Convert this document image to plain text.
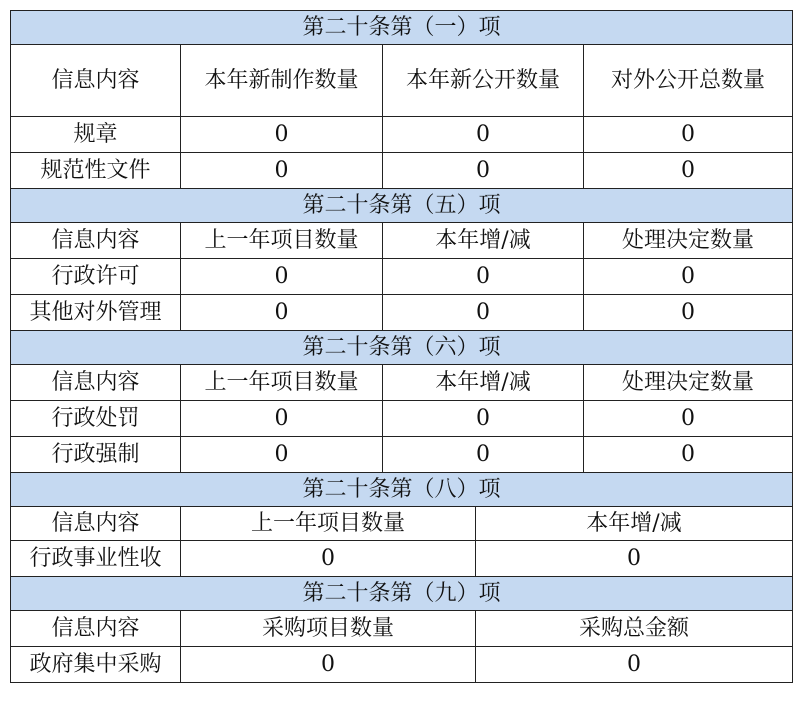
第二十条第（一）项				
信息内容	本年新制作数量	本年新公开数量		对外公开总数量
规章	0	0		0
规范性文件	0	0		0
第二十条第（五）项				
信息内容	上一年项目数量	本年增/减		处理决定数量
行政许可	0	0		0
其他对外管理	0	0		0
第二十条第（六）项				
信息内容	上一年项目数量	本年增/减		处理决定数量
行政处罚	0	0		0
行政强制	0	0		0
第二十条第（八）项				
信息内容	上一年项目数量		本年增/减	
行政事业性收	0		0	
第二十条第（九）项				
信息内容	采购项目数量		采购总金额	
政府集中采购	0		0	
